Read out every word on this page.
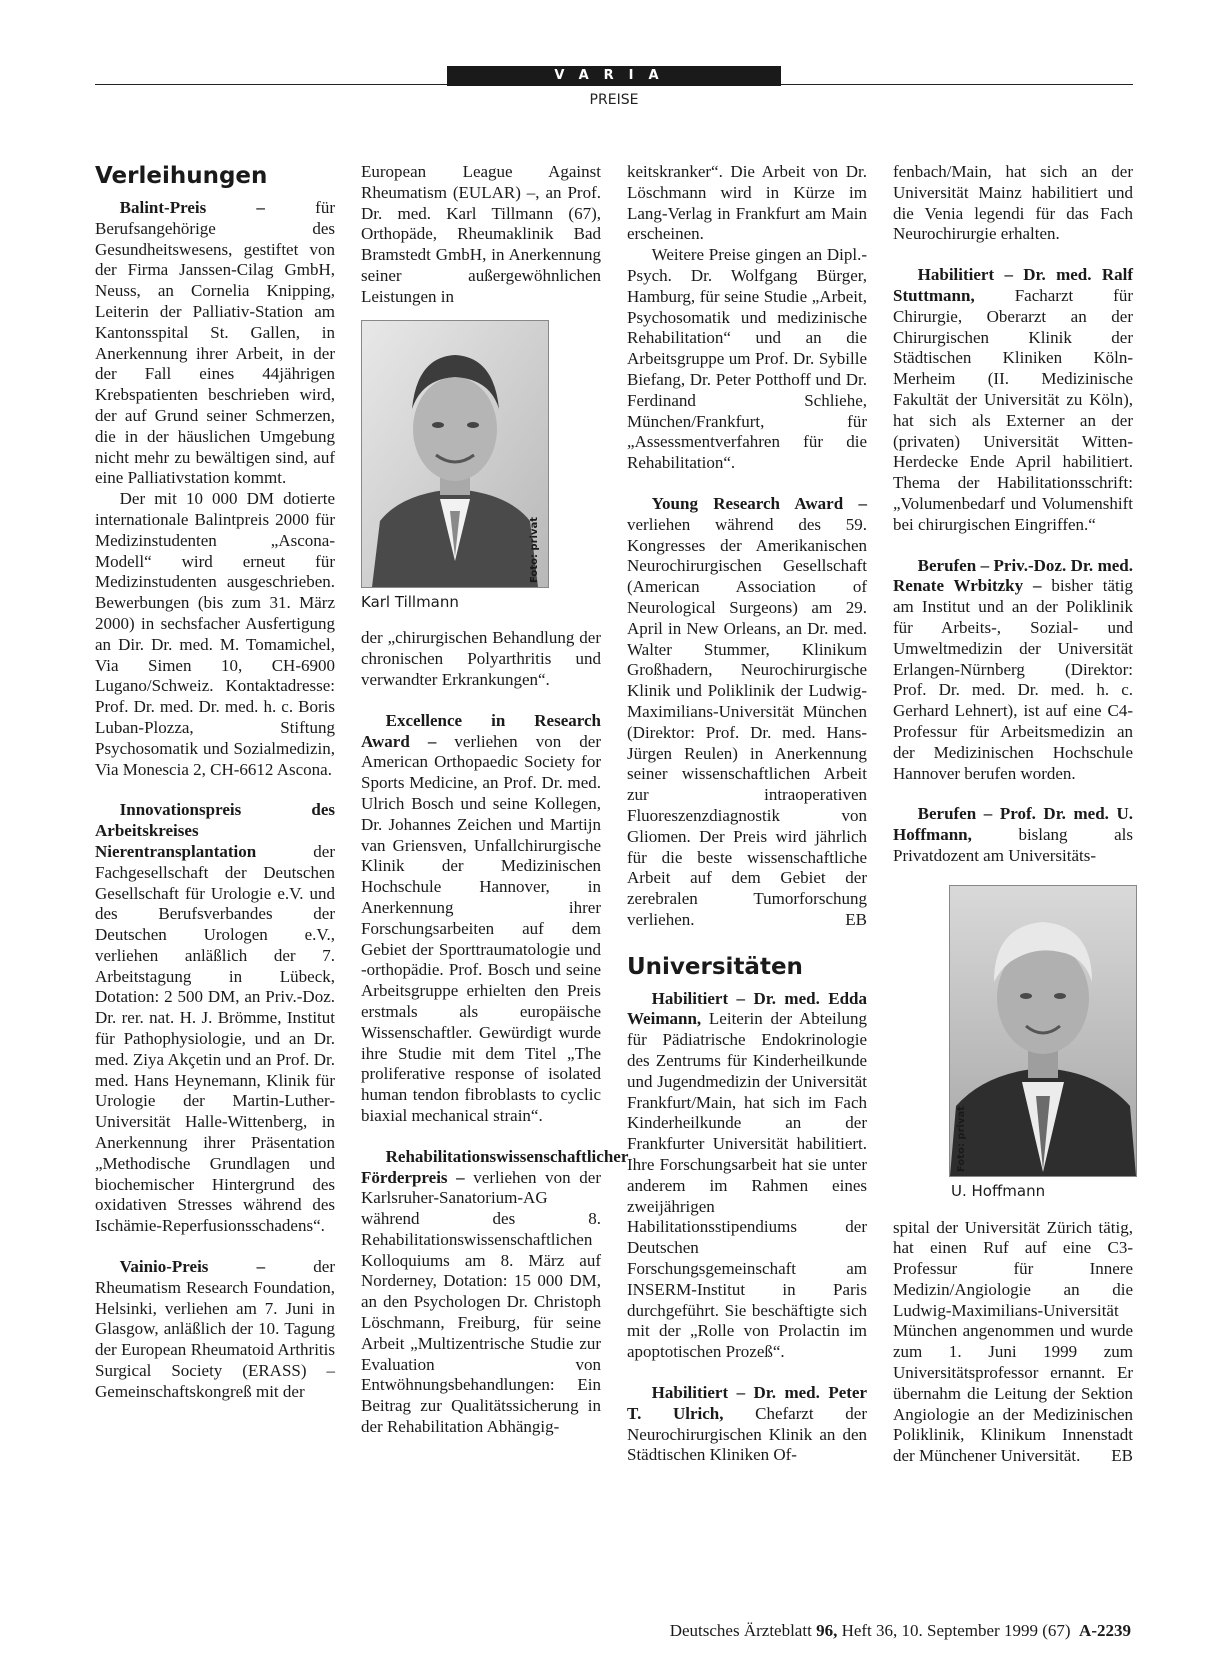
VARIA
PREISE
Verleihungen

Balint-Preis – für Berufsangehörige des Gesundheitswesens, gestiftet von der Firma Janssen-Cilag GmbH, Neuss, an Cornelia Knipping, Leiterin der Palliativ-Station am Kantonsspital St. Gallen, in Anerkennung ihrer Arbeit, in der der Fall eines 44jährigen Krebspatienten beschrieben wird, der auf Grund seiner Schmerzen, die in der häuslichen Umgebung nicht mehr zu bewältigen sind, auf eine Palliativstation kommt.

Der mit 10 000 DM dotierte internationale Balintpreis 2000 für Medizinstudenten „Ascona-Modell“ wird erneut für Medizinstudenten ausgeschrieben. Bewerbungen (bis zum 31. März 2000) in sechsfacher Ausfertigung an Dir. Dr. med. M. Tomamichel, Via Simen 10, CH-6900 Lugano/Schweiz. Kontaktadresse: Prof. Dr. med. Dr. med. h. c. Boris Luban-Plozza, Stiftung Psychosomatik und Sozialmedizin, Via Monescia 2, CH-6612 Ascona.

Innovationspreis des Arbeitskreises Nierentransplantation der Fachgesellschaft der Deutschen Gesellschaft für Urologie e.V. und des Berufsverbandes der Deutschen Urologen e.V., verliehen anläßlich der 7. Arbeitstagung in Lübeck, Dotation: 2 500 DM, an Priv.-Doz. Dr. rer. nat. H. J. Brömme, Institut für Pathophysiologie, und an Dr. med. Ziya Akçetin und an Prof. Dr. med. Hans Heynemann, Klinik für Urologie der Martin-Luther-Universität Halle-Wittenberg, in Anerkennung ihrer Präsentation „Methodische Grundlagen und biochemischer Hintergrund des oxidativen Stresses während des Ischämie-Reperfusionsschadens“.

Vainio-Preis – der Rheumatism Research Foundation, Helsinki, verliehen am 7. Juni in Glasgow, anläßlich der 10. Tagung der European Rheumatoid Arthritis Surgical Society (ERASS) – Gemeinschaftskongreß mit der

European League Against Rheumatism (EULAR) –, an Prof. Dr. med. Karl Tillmann (67), Orthopäde, Rheumaklinik Bad Bramstedt GmbH, in Anerkennung seiner außergewöhnlichen Leistungen in

Foto: privat
Karl Tillmann

der „chirurgischen Behandlung der chronischen Polyarthritis und verwandter Erkrankungen“.

Excellence in Research Award – verliehen von der American Orthopaedic Society for Sports Medicine, an Prof. Dr. med. Ulrich Bosch und seine Kollegen, Dr. Johannes Zeichen und Martijn van Griensven, Unfallchirurgische Klinik der Medizinischen Hochschule Hannover, in Anerkennung ihrer Forschungsarbeiten auf dem Gebiet der Sporttraumatologie und -orthopädie. Prof. Bosch und seine Arbeitsgruppe erhielten den Preis erstmals als europäische Wissenschaftler. Gewürdigt wurde ihre Studie mit dem Titel „The proliferative response of isolated human tendon fibroblasts to cyclic biaxial mechanical strain“.

Rehabilitationswissenschaftlicher Förderpreis – verliehen von der Karlsruher-Sanatorium-AG während des 8. Rehabilitationswissenschaftlichen Kolloquiums am 8. März auf Norderney, Dotation: 15 000 DM, an den Psychologen Dr. Christoph Löschmann, Freiburg, für seine Arbeit „Multizentrische Studie zur Evaluation von Entwöhnungsbehandlungen: Ein Beitrag zur Qualitätssicherung in der Rehabilitation Abhängig-

keitskranker“. Die Arbeit von Dr. Löschmann wird in Kürze im Lang-Verlag in Frankfurt am Main erscheinen.

Weitere Preise gingen an Dipl.-Psych. Dr. Wolfgang Bürger, Hamburg, für seine Studie „Arbeit, Psychosomatik und medizinische Rehabilitation“ und an die Arbeitsgruppe um Prof. Dr. Sybille Biefang, Dr. Peter Potthoff und Dr. Ferdinand Schliehe, München/Frankfurt, für „Assessmentverfahren für die Rehabilitation“.

Young Research Award – verliehen während des 59. Kongresses der Amerikanischen Neurochirurgischen Gesellschaft (American Association of Neurological Surgeons) am 29. April in New Orleans, an Dr. med. Walter Stummer, Klinikum Großhadern, Neurochirurgische Klinik und Poliklinik der Ludwig-Maximilians-Universität München (Direktor: Prof. Dr. med. Hans-Jürgen Reulen) in Anerkennung seiner wissenschaftlichen Arbeit zur intraoperativen Fluoreszenzdiagnostik von Gliomen. Der Preis wird jährlich für die beste wissenschaftliche Arbeit auf dem Gebiet der zerebralen Tumorforschung verliehen.	EB

Universitäten

Habilitiert – Dr. med. Edda Weimann, Leiterin der Abteilung für Pädiatrische Endokrinologie des Zentrums für Kinderheilkunde und Jugendmedizin der Universität Frankfurt/Main, hat sich im Fach Kinderheilkunde an der Frankfurter Universität habilitiert. Ihre Forschungsarbeit hat sie unter anderem im Rahmen eines zweijährigen Habilitationsstipendiums der Deutschen Forschungsgemeinschaft am INSERM-Institut in Paris durchgeführt. Sie beschäftigte sich mit der „Rolle von Prolactin im apoptotischen Prozeß“.

Habilitiert – Dr. med. Peter T. Ulrich, Chefarzt der Neurochirurgischen Klinik an den Städtischen Kliniken Of-

fenbach/Main, hat sich an der Universität Mainz habilitiert und die Venia legendi für das Fach Neurochirurgie erhalten.

Habilitiert – Dr. med. Ralf Stuttmann, Facharzt für Chirurgie, Oberarzt an der Chirurgischen Klinik der Städtischen Kliniken Köln-Merheim (II. Medizinische Fakultät der Universität zu Köln), hat sich als Externer an der (privaten) Universität Witten-Herdecke Ende April habilitiert. Thema der Habilitationsschrift: „Volumenbedarf und Volumenshift bei chirurgischen Eingriffen.“

Berufen – Priv.-Doz. Dr. med. Renate Wrbitzky – bisher tätig am Institut und an der Poliklinik für Arbeits-, Sozial- und Umweltmedizin der Universität Erlangen-Nürnberg (Direktor: Prof. Dr. med. Dr. med. h. c. Gerhard Lehnert), ist auf eine C4-Professur für Arbeitsmedizin an der Medizinischen Hochschule Hannover berufen worden.

Berufen – Prof. Dr. med. U. Hoffmann, bislang als Privatdozent am Universitäts-

Foto: privat
U. Hoffmann

spital der Universität Zürich tätig, hat einen Ruf auf eine C3-Professur für Innere Medizin/Angiologie an die Ludwig-Maximilians-Universität München angenommen und wurde zum 1. Juni 1999 zum Universitätsprofessor ernannt. Er übernahm die Leitung der Sektion Angiologie an der Medizinischen Poliklinik, Klinikum Innenstadt der Münchener Universität. EB

Deutsches Ärzteblatt 96, Heft 36, 10. September 1999 (67) A-2239
